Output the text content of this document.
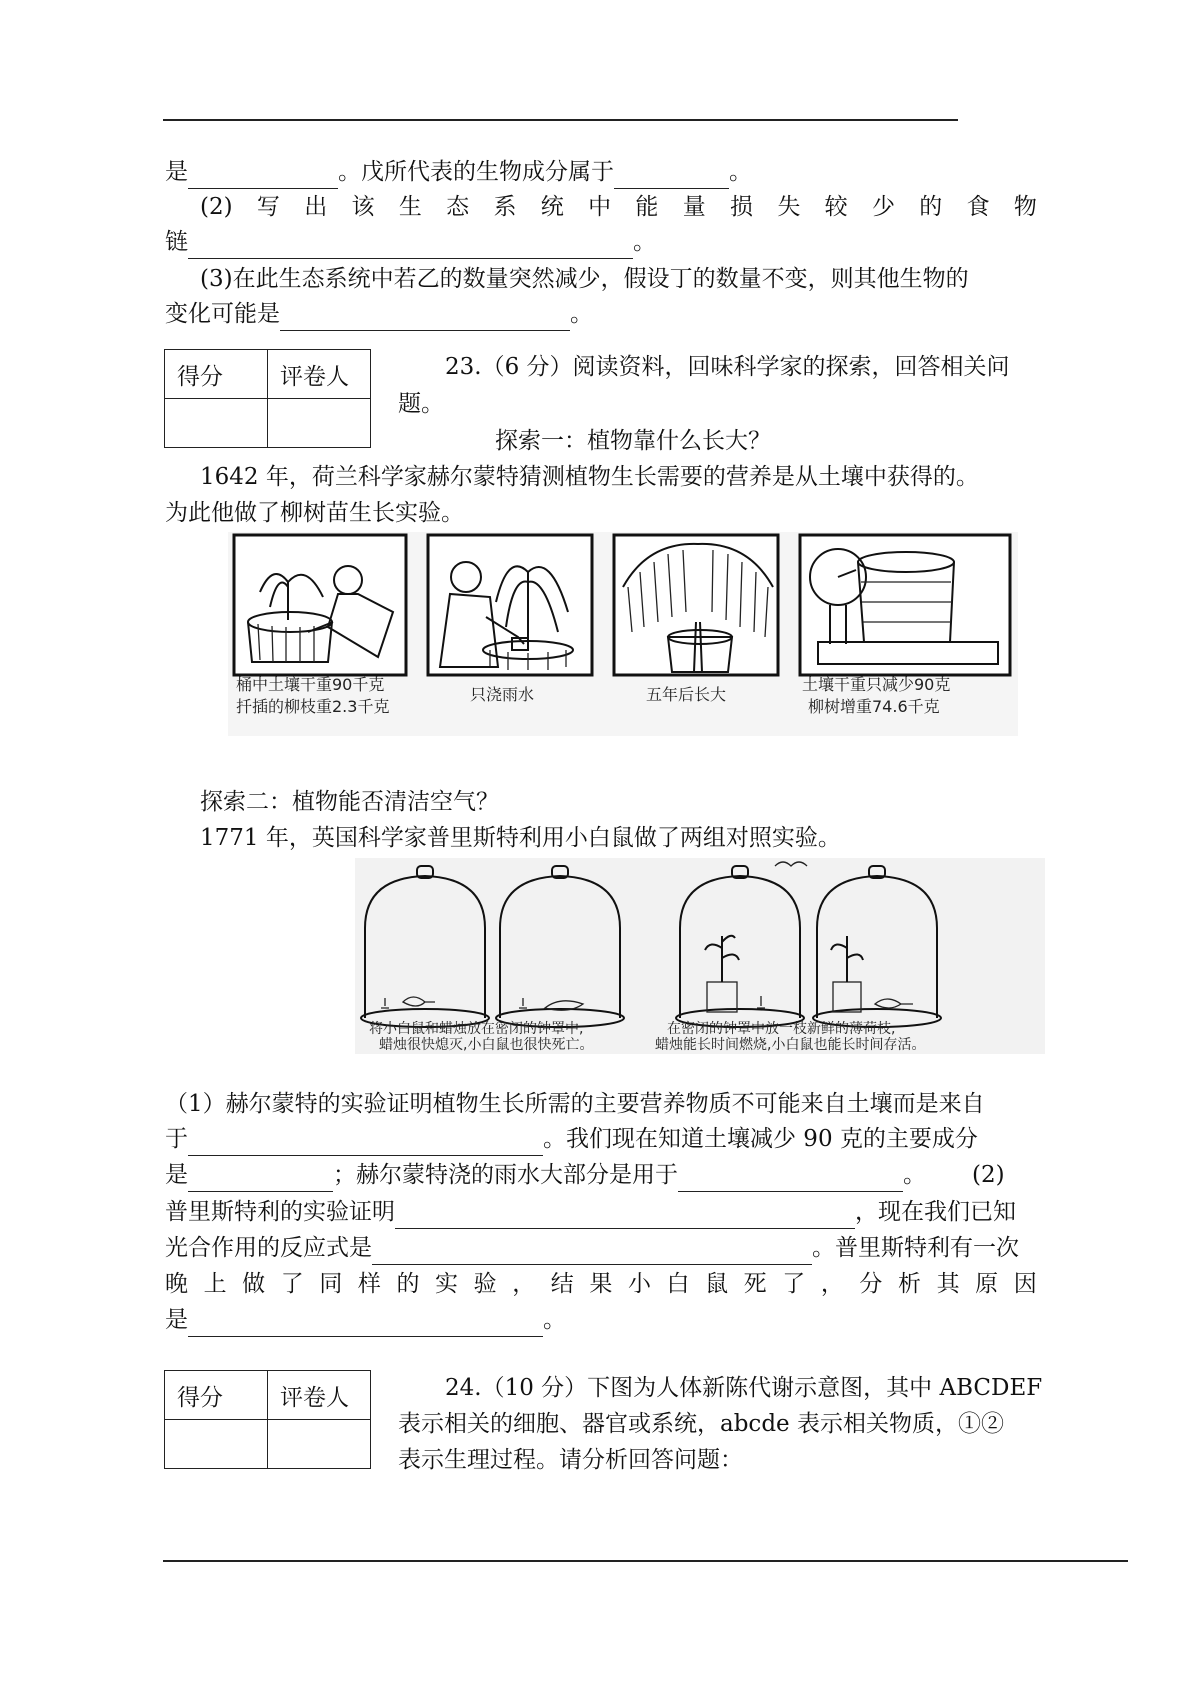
是	。戊所代表的生物成分属于	。
(2) 写 出 该 生 态 系 统 中 能 量 损 失 较 少 的 食 物
链	。
(3)在此生态系统中若乙的数量突然减少，假设丁的数量不变，则其他生物的
变化可能是	。
得分	评卷人
		23.（6 分）阅读资料，回味科学家的探索，回答相关问
题。
探索一：植物靠什么长大？
1642 年，荷兰科学家赫尔蒙特猜测植物生长需要的营养是从土壤中获得的。
为此他做了柳树苗生长实验。
桶中土壤干重90千克
扦插的柳枝重2.3千克
只浇雨水	五年后长大
土壤干重只减少90克
柳树增重74.6千克
探索二：植物能否清洁空气？
1771 年，英国科学家普里斯特利用小白鼠做了两组对照实验。
将小白鼠和蜡烛放在密闭的钟罩中,
蜡烛很快熄灭,小白鼠也很快死亡。
在密闭的钟罩中放一枝新鲜的薄荷枝,
蜡烛能长时间燃烧,小白鼠也能长时间存活。
（1）赫尔蒙特的实验证明植物生长所需的主要营养物质不可能来自土壤而是来自
于	。我们现在知道土壤减少 90 克的主要成分
是	；赫尔蒙特浇的雨水大部分是用于	。 (2)
普里斯特利的实验证明	，现在我们已知
光合作用的反应式是	。普里斯特利有一次
晚 上 做 了 同 样 的 实 验 ， 结 果 小 白 鼠 死 了 ， 分 析 其 原 因
是	。
得分	评卷人
		24.（10 分）下图为人体新陈代谢示意图，其中 ABCDEF
表示相关的细胞、器官或系统，abcde 表示相关物质，①②
表示生理过程。请分析回答问题：
